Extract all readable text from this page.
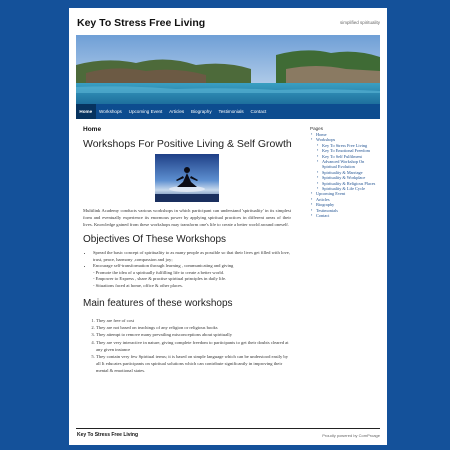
Key To Stress Free Living	simplified spirituality
Home	Workshops	Upcoming Event	Articles	Biography	Testimonials	Contact
Home
Workshops For Positive Living & Self Growth

Multilink Academy conducts various workshops in which participant can understand 'spirituality' in its simplest form and eventually experience its enormous power by applying spiritual practices in different areas of their lives. Knowledge gained from these workshops may transform one's life to create a better world around oneself.

Objectives Of These Workshops
• Spread the basic concept of spirituality to as many people as possible so that their lives get filled with love, trust, peace, harmony ,compassion and joy;
• Encourage self-transformation through learning , communicating and giving
- Promote the idea of a spiritually fulfilling life to create a better world.
- Empower to Express , share & practise spiritual principles in daily life.
- Situations faced at home, office & other places.
Main features of these workshops
1. They are free of cost
2. They are not based on teachings of any religion or religious books
3. They attempt to remove many prevailing misconceptions about spiritually
4. They are very interactive in nature, giving complete freedom to participants to get their doubts cleared at any given instance
5. They contain very few Spiritual terms; it is based on simple language which can be understood easily by all It educates participants on spiritual solutions which can contribute significantly in improving their mental & emotional states.
Pages
▪ Home
▪ Workshops
▪ Key To Stress Free Living
▪ Key To Emotional Freedom
▪ Key To Self Fulfilment
▪ Advanced Workshop On Spiritual Evolution
▪ Spirituality & Marriage
▪ Spirituality & Workplace
▪ Spirituality & Religious Places
▪ Spirituality & Life Cycle
▪ Upcoming Event
▪ Articles
▪ Biography
▪ Testimonials
▪ Contact
Key To Stress Free Living	Proudly powered by ComProage
